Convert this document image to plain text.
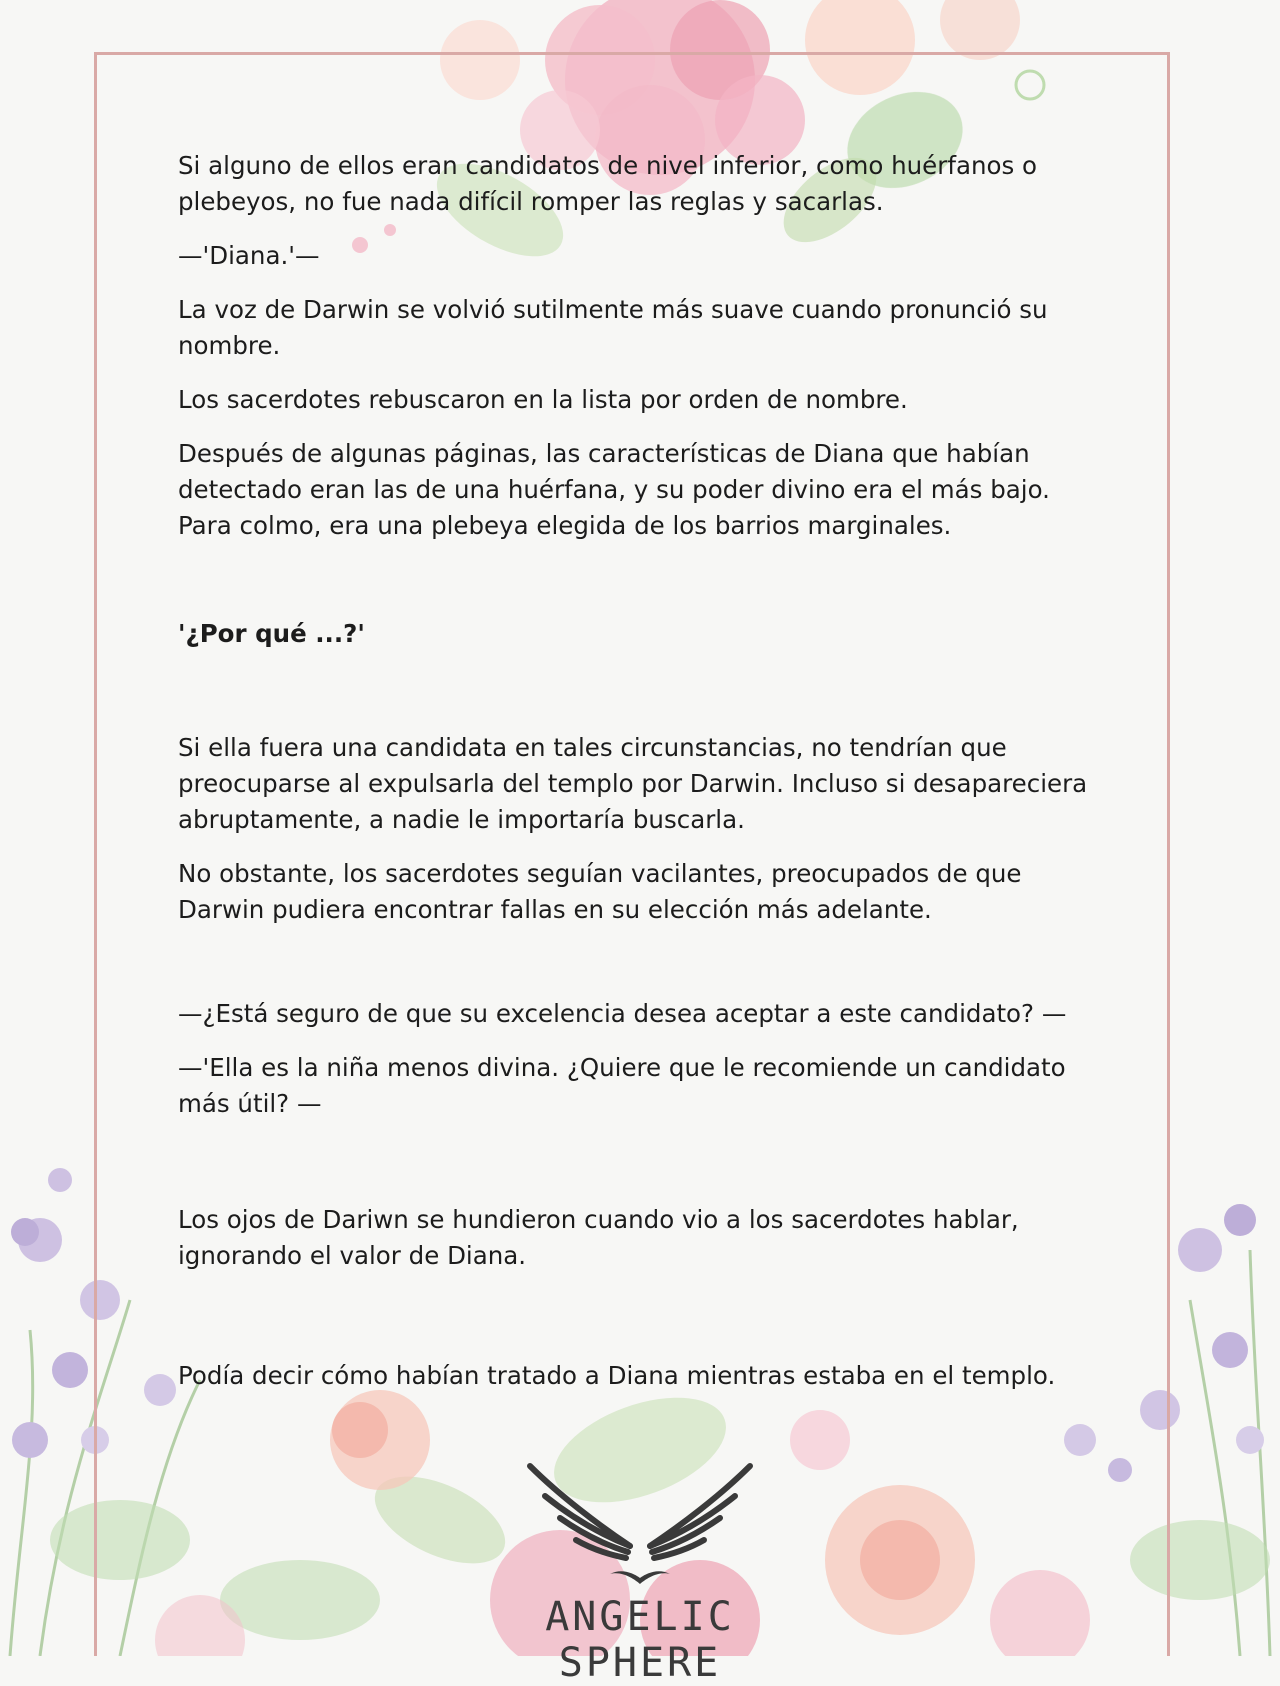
Si alguno de ellos eran candidatos de nivel inferior, como huérfanos o plebeyos, no fue nada difícil romper las reglas y sacarlas.

—'Diana.'—

La voz de Darwin se volvió sutilmente más suave cuando pronunció su nombre.

Los sacerdotes rebuscaron en la lista por orden de nombre.

Después de algunas páginas, las características de Diana que habían detectado eran las de una huérfana, y su poder divino era el más bajo. Para colmo, era una plebeya elegida de los barrios marginales.

'¿Por qué ...?'

Si ella fuera una candidata en tales circunstancias, no tendrían que preocuparse al expulsarla del templo por Darwin. Incluso si desapareciera abruptamente, a nadie le importaría buscarla.

No obstante, los sacerdotes seguían vacilantes, preocupados de que Darwin pudiera encontrar fallas en su elección más adelante.

—¿Está seguro de que su excelencia desea aceptar a este candidato? —

—'Ella es la niña menos divina. ¿Quiere que le recomiende un candidato más útil? —

Los ojos de Dariwn se hundieron cuando vio a los sacerdotes hablar, ignorando el valor de Diana.

Podía decir cómo habían tratado a Diana mientras estaba en el templo.

ANGELIC SPHERE
